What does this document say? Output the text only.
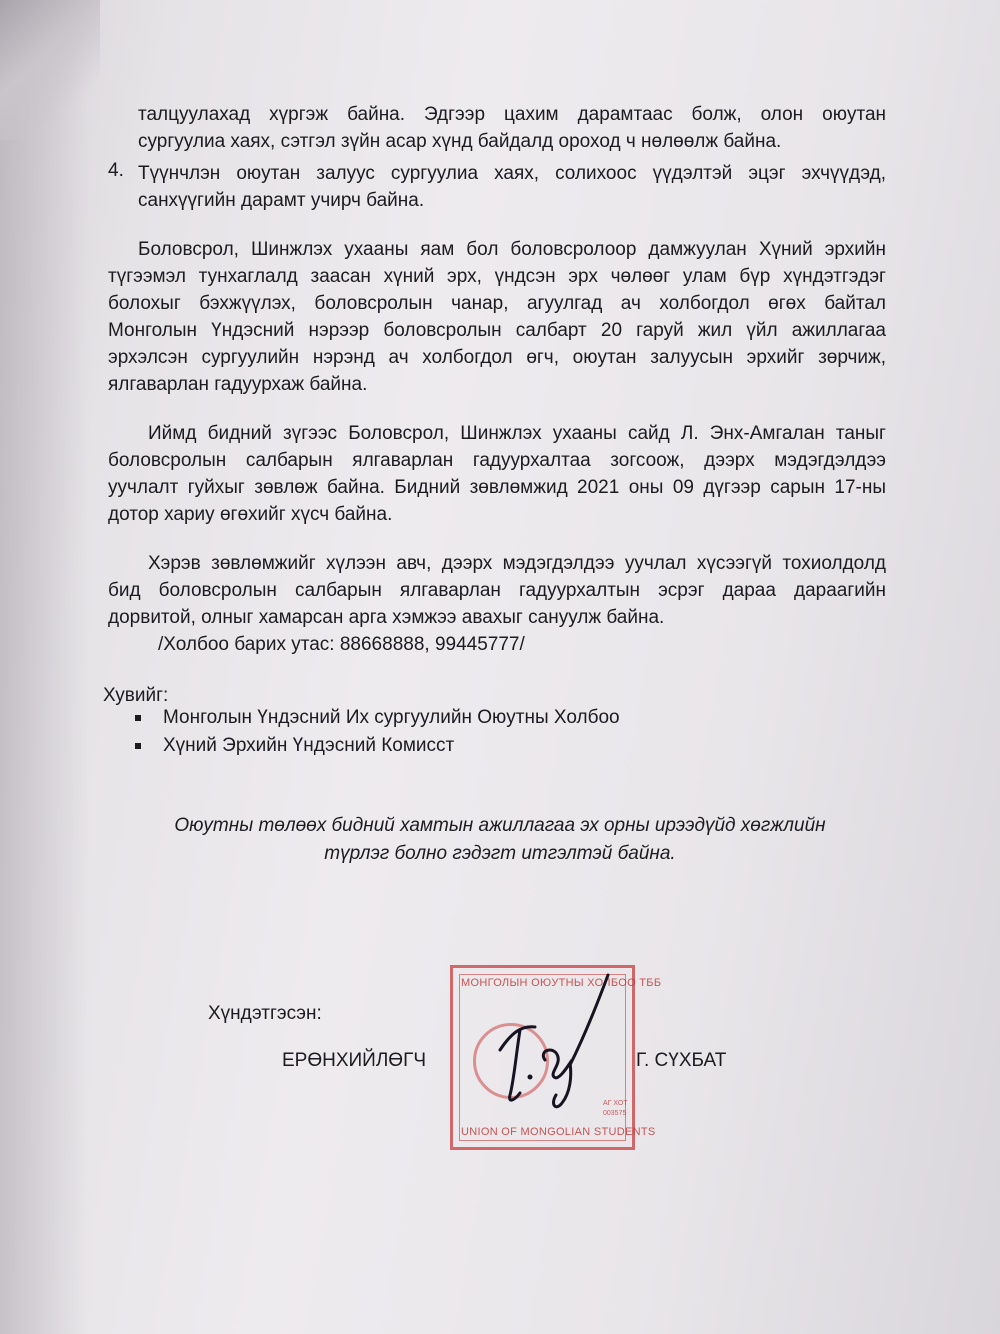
талцуулахад хүргэж байна. Эдгээр цахим дарамтаас болж, олон оюутан
сургуулиа хаях, сэтгэл зүйн асар хүнд байдалд ороход ч нөлөөлж байна.
4. Түүнчлэн оюутан залуус сургуулиа хаях, солихоос үүдэлтэй эцэг эхчүүдэд,
санхүүгийн дарамт учирч байна.
Боловсрол, Шинжлэх ухааны яам бол боловсролоор дамжуулан Хүний эрхийн
түгээмэл тунхаглалд заасан хүний эрх, үндсэн эрх чөлөөг улам бүр хүндэтгэдэг
болохыг бэхжүүлэх, боловсролын чанар, агуулгад ач холбогдол өгөх байтал
Монголын Үндэсний нэрээр боловсролын салбарт 20 гаруй жил үйл ажиллагаа
эрхэлсэн сургуулийн нэрэнд ач холбогдол өгч, оюутан залуусын эрхийг зөрчиж,
ялгаварлан гадуурхаж байна.
Иймд бидний зүгээс Боловсрол, Шинжлэх ухааны сайд Л. Энх-Амгалан таныг
боловсролын салбарын ялгаварлан гадуурхалтаа зогсоож, дээрх мэдэгдэлдээ
уучлалт гуйхыг зөвлөж байна. Бидний зөвлөмжид 2021 оны 09 дүгээр сарын 17-ны
дотор хариу өгөхийг хүсч байна.
Хэрэв зөвлөмжийг хүлээн авч, дээрх мэдэгдэлдээ уучлал хүсээгүй тохиолдолд
бид боловсролын салбарын ялгаварлан гадуурхалтын эсрэг дараа дараагийн
дорвитой, олныг хамарсан арга хэмжээ авахыг сануулж байна.
/Холбоо барих утас: 88668888, 99445777/
Хувийг:
Монголын Үндэсний Их сургуулийн Оюутны Холбоо
Хүний Эрхийн Үндэсний Комисст
Оюутны төлөөх бидний хамтын ажиллагаа эх орны ирээдүйд хөгжлийн
түрлэг болно гэдэгт итгэлтэй байна.
Хүндэтгэсэн:
ЕРӨНХИЙЛӨГЧ	Г. СҮХБАТ
МОНГОЛЫН ОЮУТНЫ ХОЛБОО ТББ
АГ ХОТ
003575
UNION OF MONGOLIAN STUDENTS
